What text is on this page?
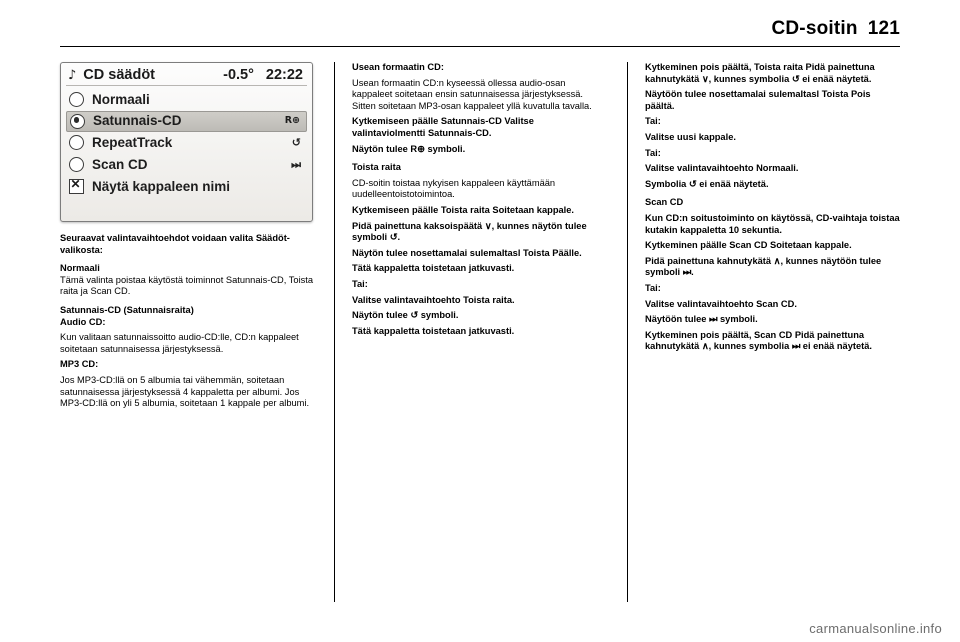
CD-soitin 121
♪ CD säädöt	-0.5° 22:22
Normaali
Satunnais-CD	R⊕
RepeatTrack	↺
Scan CD	⏭
✕
Näytä kappaleen nimi

Seuraavat valintavaihtoehdot voidaan valita Säädöt-valikosta:

Normaali

Tämä valinta poistaa käytöstä toiminnot Satunnais-CD, Toista raita ja Scan CD.

Satunnais-CD (Satunnaisraita)

Audio CD:

Kun valitaan satunnaissoitto audio-CD:lle, CD:n kappaleet soitetaan satunnaisessa järjestyksessä.

MP3 CD:

Jos MP3-CD:llä on 5 albumia tai vähemmän, soitetaan satunnaisessa järjestyksessä 4 kappaletta per albumi. Jos MP3-CD:llä on yli 5 albumia, soitetaan 1 kappale per albumi.

Usean formaatin CD:

Usean formaatin CD:n kyseessä ollessa audio-osan kappaleet soitetaan ensin satunnaisessa järjestyksessä. Sitten soitetaan MP3-osan kappaleet yllä kuvatulla tavalla.

Kytkemiseen päälle Satunnais-CD Valitse valintaviolmentti Satunnais-CD.

Näytön tulee R⊕ symboli.

Toista raita

CD-soitin toistaa nykyisen kappaleen käyttämään uudelleentoistotoimintoa.

Kytkemiseen päälle Toista raita Soitetaan kappale.

Pidä painettuna kaksoispäätä ∨, kunnes näytön tulee symboli ↺.

Näytön tulee nosettamalai sulemaItasl Toista Päälle.

Tätä kappaletta toistetaan jatkuvasti.

Tai:

Valitse valintavaihtoehto Toista raita.

Näytön tulee ↺ symboli.

Tätä kappaletta toistetaan jatkuvasti.

Kytkeminen pois päältä, Toista raita Pidä painettuna kahnutykätä ∨, kunnes symbolia ↺ ei enää näytetä.

Näytöön tulee nosettamalai sulemaItasl Toista Pois päältä.

Tai:

Valitse uusi kappale.

Tai:

Valitse valintavaihtoehto Normaali.

Symbolia ↺ ei enää näytetä.

Scan CD

Kun CD:n soitustoiminto on käytössä, CD-vaihtaja toistaa kutakin kappaletta 10 sekuntia.

Kytkeminen päälle Scan CD Soitetaan kappale.

Pidä painettuna kahnutykätä ∧, kunnes näytöön tulee symboli ⏭.

Tai:

Valitse valintavaihtoehto Scan CD.

Näytöön tulee ⏭ symboli.

Kytkeminen pois päältä, Scan CD Pidä painettuna kahnutykätä ∧, kunnes symbolia ⏭ ei enää näytetä.

carmanualsonline.info
